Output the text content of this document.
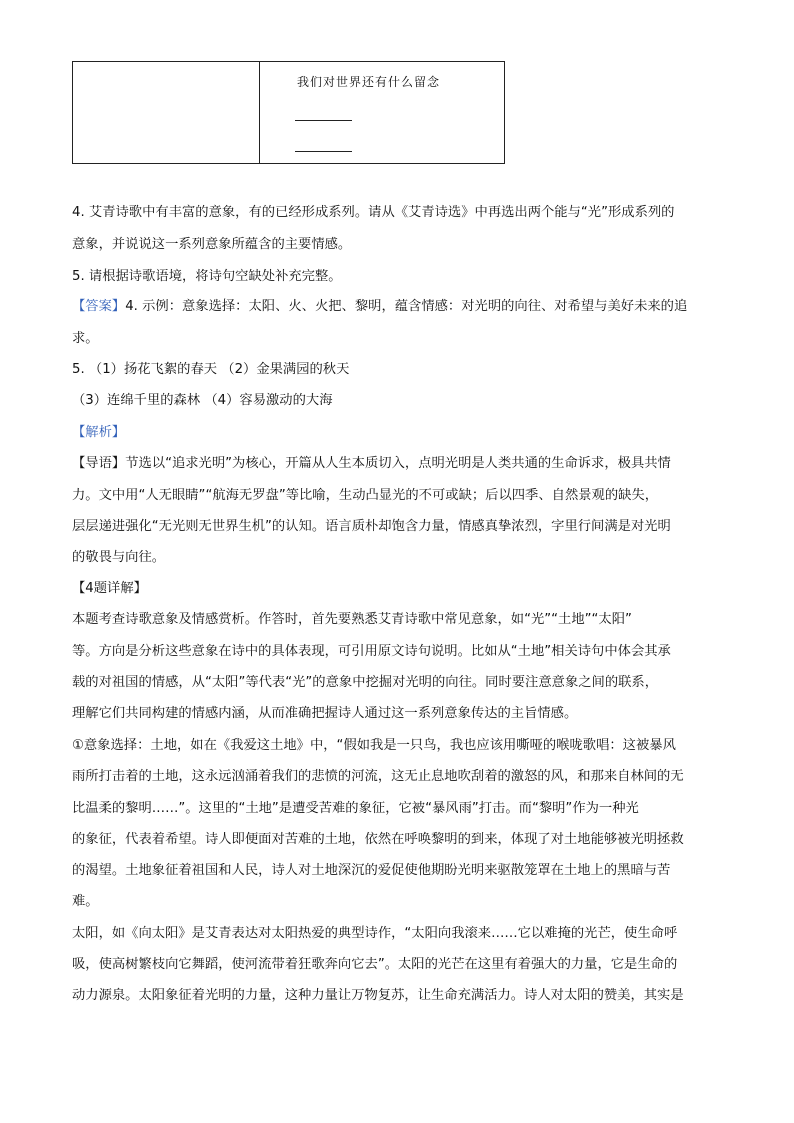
我们对世界还有什么留念
4. 艾青诗歌中有丰富的意象，有的已经形成系列。请从《艾青诗选》中再选出两个能与“光”形成系列的
意象，并说说这一系列意象所蕴含的主要情感。
5. 请根据诗歌语境，将诗句空缺处补充完整。
【答案】4. 示例：意象选择：太阳、火、火把、黎明，蕴含情感：对光明的向往、对希望与美好未来的追
求。
5. （1）扬花飞絮的春天 （2）金果满园的秋天
（3）连绵千里的森林 （4）容易激动的大海
【解析】
【导语】节选以“追求光明”为核心，开篇从人生本质切入，点明光明是人类共通的生命诉求，极具共情
力。文中用“人无眼睛”“航海无罗盘”等比喻，生动凸显光的不可或缺；后以四季、自然景观的缺失，
层层递进强化“无光则无世界生机”的认知。语言质朴却饱含力量，情感真挚浓烈，字里行间满是对光明
的敬畏与向往。
【4题详解】
本题考查诗歌意象及情感赏析。作答时，首先要熟悉艾青诗歌中常见意象，如“光”“土地”“太阳”
等。方向是分析这些意象在诗中的具体表现，可引用原文诗句说明。比如从“土地”相关诗句中体会其承
载的对祖国的情感，从“太阳”等代表“光”的意象中挖掘对光明的向往。同时要注意意象之间的联系，
理解它们共同构建的情感内涵，从而准确把握诗人通过这一系列意象传达的主旨情感。
①意象选择：土地，如在《我爱这土地》中，“假如我是一只鸟，我也应该用嘶哑的喉咙歌唱：这被暴风
雨所打击着的土地，这永远汹涌着我们的悲愤的河流，这无止息地吹刮着的激怒的风，和那来自林间的无
比温柔的黎明……”。这里的“土地”是遭受苦难的象征，它被“暴风雨”打击。而“黎明”作为一种光
的象征，代表着希望。诗人即便面对苦难的土地，依然在呼唤黎明的到来，体现了对土地能够被光明拯救
的渴望。土地象征着祖国和人民，诗人对土地深沉的爱促使他期盼光明来驱散笼罩在土地上的黑暗与苦
难。
太阳，如《向太阳》是艾青表达对太阳热爱的典型诗作，“太阳向我滚来……它以难掩的光芒，使生命呼
吸，使高树繁枝向它舞蹈，使河流带着狂歌奔向它去”。太阳的光芒在这里有着强大的力量，它是生命的
动力源泉。太阳象征着光明的力量，这种力量让万物复苏，让生命充满活力。诗人对太阳的赞美，其实是
